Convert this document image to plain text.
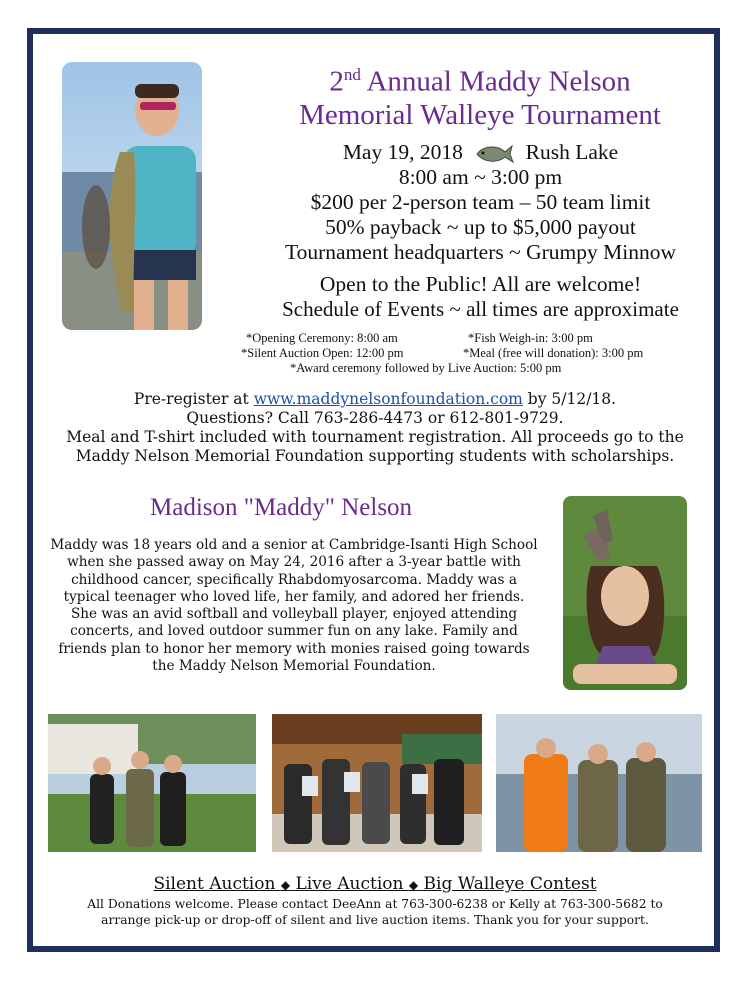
2nd Annual Maddy Nelson
Memorial Walleye Tournament
May 19, 2018	Rush Lake
8:00 am ~ 3:00 pm
$200 per 2-person team – 50 team limit
50% payback ~ up to $5,000 payout
Tournament headquarters ~ Grumpy Minnow
Open to the Public! All are welcome!
Schedule of Events ~ all times are approximate
*Opening Ceremony: 8:00 am	*Fish Weigh-in: 3:00 pm
*Silent Auction Open: 12:00 pm	*Meal (free will donation): 3:00 pm
*Award ceremony followed by Live Auction: 5:00 pm
Pre-register at www.maddynelsonfoundation.com by 5/12/18.
Questions? Call 763-286-4473 or 612-801-9729.
Meal and T-shirt included with tournament registration. All proceeds go to the
Maddy Nelson Memorial Foundation supporting students with scholarships.
Madison "Maddy" Nelson
Maddy was 18 years old and a senior at Cambridge-Isanti High School
when she passed away on May 24, 2016 after a 3-year battle with
childhood cancer, specifically Rhabdomyosarcoma. Maddy was a
typical teenager who loved life, her family, and adored her friends.
She was an avid softball and volleyball player, enjoyed attending
concerts, and loved outdoor summer fun on any lake. Family and
friends plan to honor her memory with monies raised going towards
the Maddy Nelson Memorial Foundation.
Silent Auction ◆ Live Auction ◆ Big Walleye Contest
All Donations welcome. Please contact DeeAnn at 763-300-6238 or Kelly at 763-300-5682 to
arrange pick-up or drop-off of silent and live auction items. Thank you for your support.
